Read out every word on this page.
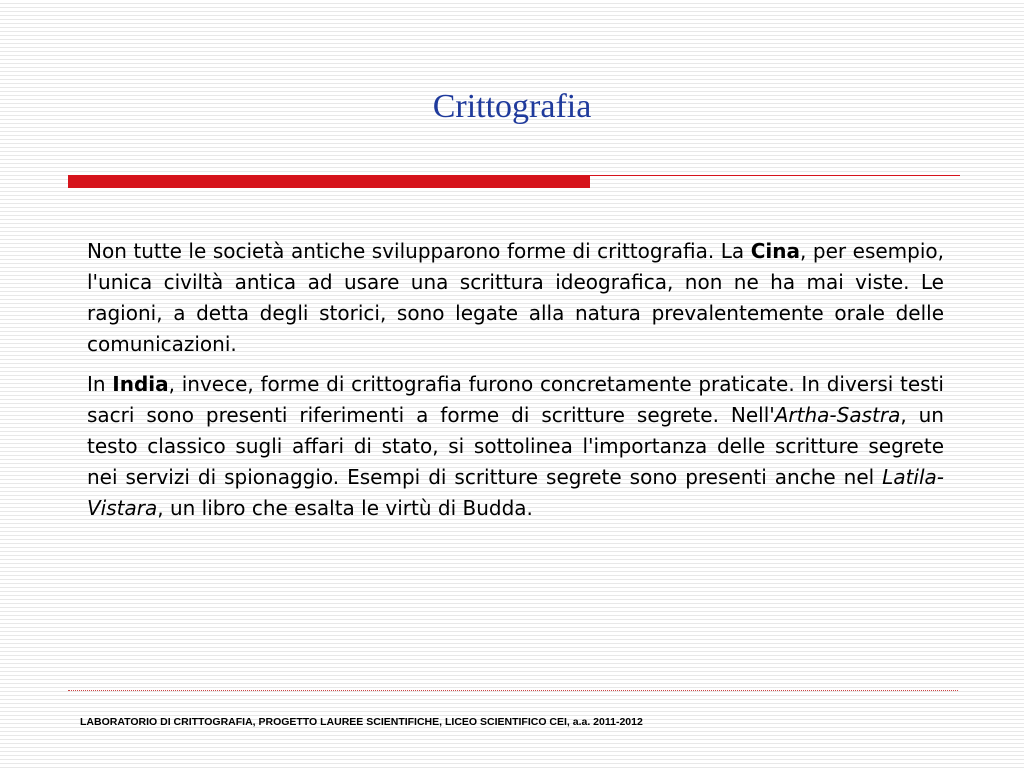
Crittografia

Non tutte le società antiche svilupparono forme di crittografia. La Cina, per esempio, l'unica civiltà antica ad usare una scrittura ideografica, non ne ha mai viste. Le ragioni, a detta degli storici, sono legate alla natura prevalentemente orale delle comunicazioni.

In India, invece, forme di crittografia furono concretamente praticate. In diversi testi sacri sono presenti riferimenti a forme di scritture segrete. Nell'Artha-Sastra, un testo classico sugli affari di stato, si sottolinea l'importanza delle scritture segrete nei servizi di spionaggio. Esempi di scritture segrete sono presenti anche nel Latila-Vistara, un libro che esalta le virtù di Budda.

LABORATORIO DI CRITTOGRAFIA, PROGETTO LAUREE SCIENTIFICHE, LICEO SCIENTIFICO CEI, a.a. 2011-2012
